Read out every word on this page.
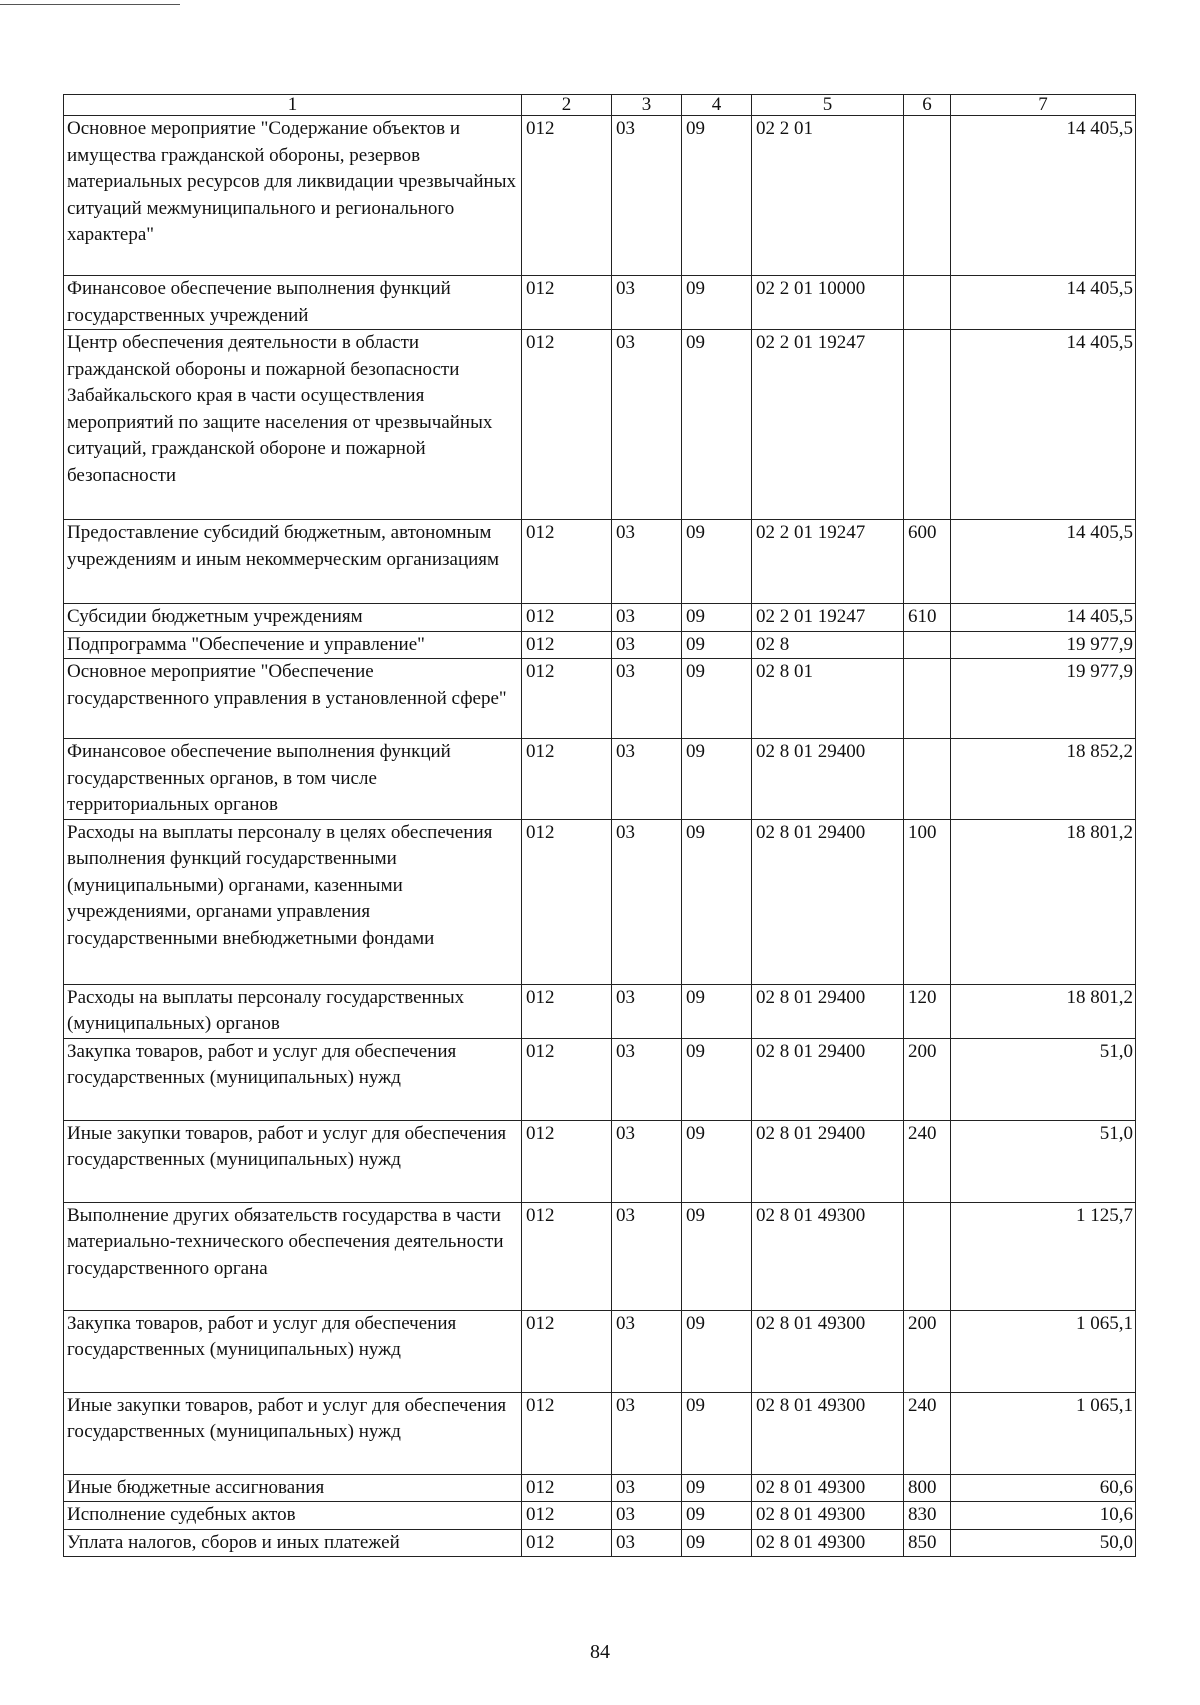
1	2	3	4	5	6	7
Основное мероприятие "Содержание объектов и имущества гражданской обороны, резервов материальных ресурсов для ликвидации чрезвычайных ситуаций межмуниципального и регионального характера"	012	03	09	02 2 01		14 405,5
Финансовое обеспечение выполнения функций государственных учреждений	012	03	09	02 2 01 10000		14 405,5
Центр обеспечения деятельности в области гражданской обороны и пожарной безопасности Забайкальского края в части осуществления мероприятий по защите населения от чрезвычайных ситуаций, гражданской обороне и пожарной безопасности	012	03	09	02 2 01 19247		14 405,5
Предоставление субсидий бюджетным, автономным учреждениям и иным некоммерческим организациям	012	03	09	02 2 01 19247	600	14 405,5
Субсидии бюджетным учреждениям	012	03	09	02 2 01 19247	610	14 405,5
Подпрограмма "Обеспечение и управление"	012	03	09	02 8		19 977,9
Основное мероприятие "Обеспечение государственного управления в установленной сфере"	012	03	09	02 8 01		19 977,9
Финансовое обеспечение выполнения функций государственных органов, в том числе территориальных органов	012	03	09	02 8 01 29400		18 852,2
Расходы на выплаты персоналу в целях обеспечения выполнения функций государственными (муниципальными) органами, казенными учреждениями, органами управления государственными внебюджетными фондами	012	03	09	02 8 01 29400	100	18 801,2
Расходы на выплаты персоналу государственных (муниципальных) органов	012	03	09	02 8 01 29400	120	18 801,2
Закупка товаров, работ и услуг для обеспечения государственных (муниципальных) нужд	012	03	09	02 8 01 29400	200	51,0
Иные закупки товаров, работ и услуг для обеспечения государственных (муниципальных) нужд	012	03	09	02 8 01 29400	240	51,0
Выполнение других обязательств государства в части материально-технического обеспечения деятельности государственного органа	012	03	09	02 8 01 49300		1 125,7
Закупка товаров, работ и услуг для обеспечения государственных (муниципальных) нужд	012	03	09	02 8 01 49300	200	1 065,1
Иные закупки товаров, работ и услуг для обеспечения государственных (муниципальных) нужд	012	03	09	02 8 01 49300	240	1 065,1
Иные бюджетные ассигнования	012	03	09	02 8 01 49300	800	60,6
Исполнение судебных актов	012	03	09	02 8 01 49300	830	10,6
Уплата налогов, сборов и иных платежей	012	03	09	02 8 01 49300	850	50,0
84
